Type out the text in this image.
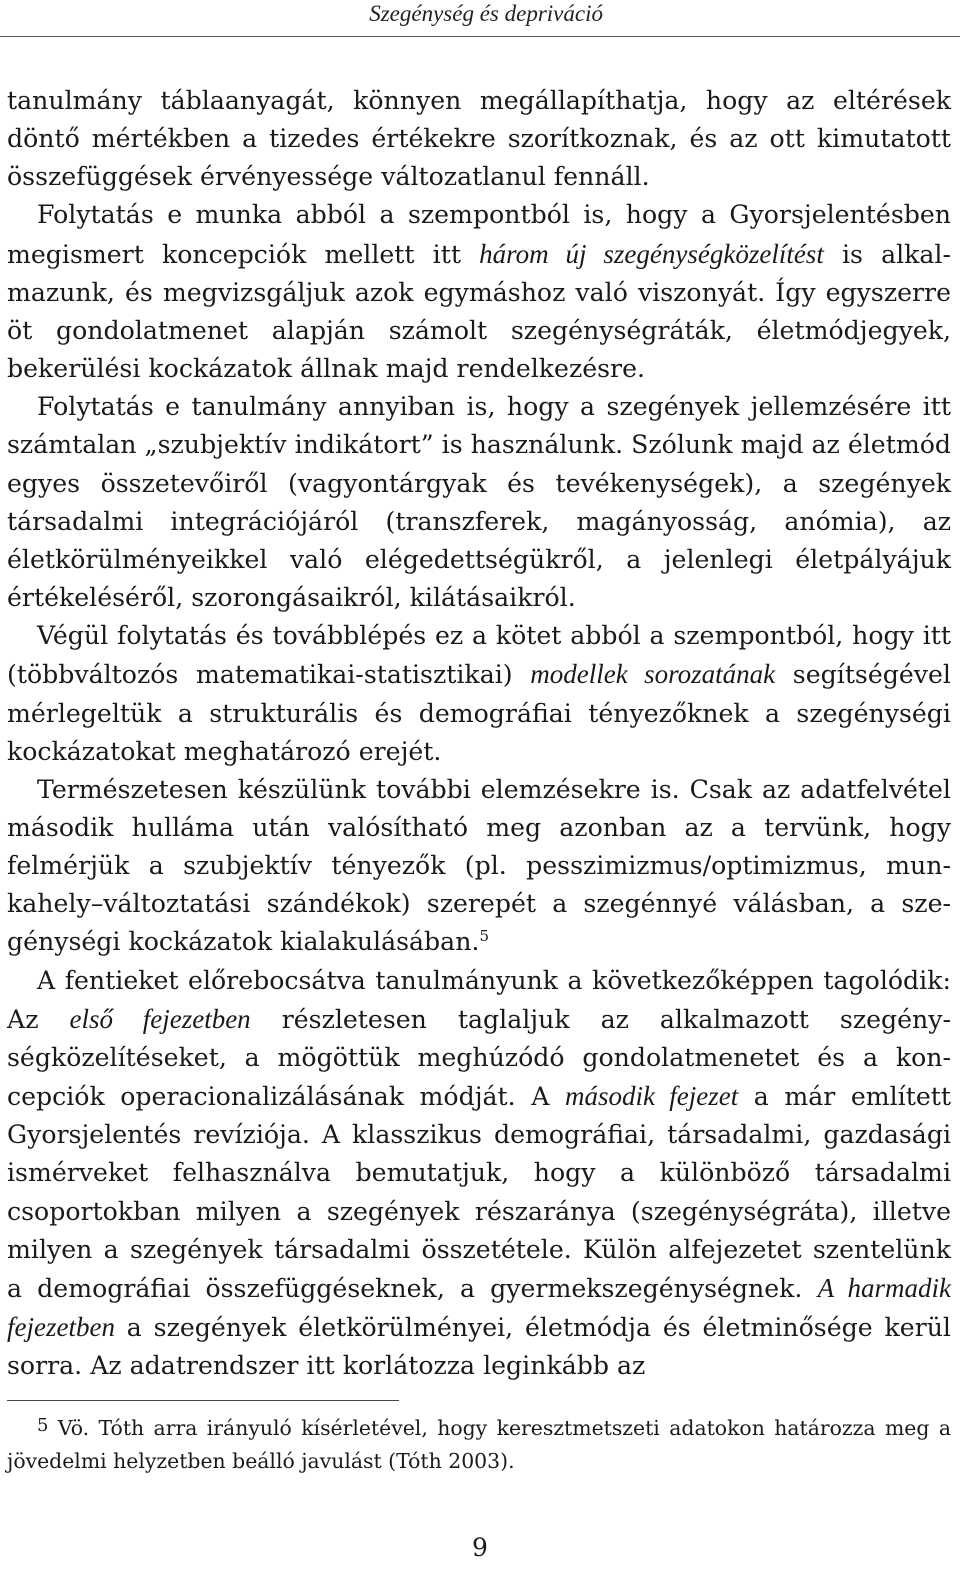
Szegénység és depriváció

tanulmány táblaanyagát, könnyen megállapíthatja, hogy az eltérések döntő mértékben a tizedes értékekre szorítkoznak, és az ott kimutatott összefüggések érvényessége változatlanul fennáll.

Folytatás e munka abból a szempontból is, hogy a Gyorsjelentésben megismert koncepciók mellett itt három új szegénységközelítést is alkalmazunk, és megvizsgáljuk azok egymáshoz való viszonyát. Így egyszerre öt gondolatmenet alapján számolt szegénységráták, életmódjegyek, bekerülési kockázatok állnak majd rendelkezésre.

Folytatás e tanulmány annyiban is, hogy a szegények jellemzésére itt számtalan „szubjektív indikátort” is használunk. Szólunk majd az életmód egyes összetevőiről (vagyontárgyak és tevékenységek), a szegények társadalmi integrációjáról (transzferek, magányosság, anómia), az életkörülményeikkel való elégedettségükről, a jelenlegi életpályájuk értékeléséről, szorongásaikról, kilátásaikról.

Végül folytatás és továbblépés ez a kötet abból a szempontból, hogy itt (többváltozós matematikai-statisztikai) modellek sorozatának segítségével mérlegeltük a strukturális és demográfiai tényezőknek a szegénységi kockázatokat meghatározó erejét.

Természetesen készülünk további elemzésekre is. Csak az adatfelvétel második hulláma után valósítható meg azonban az a tervünk, hogy felmérjük a szubjektív tényezők (pl. pesszimizmus/optimizmus, munkahely–változtatási szándékok) szerepét a szegénnyé válásban, a szegénységi kockázatok kialakulásában.$^5$

A fentieket előrebocsátva tanulmányunk a következőképpen tagolódik: Az első fejezetben részletesen taglaljuk az alkalmazott szegénységközelítéseket, a mögöttük meghúzódó gondolatmenetet és a koncepciók operacionalizálásának módját. A második fejezet a már említett Gyorsjelentés revíziója. A klasszikus demográfiai, társadalmi, gazdasági ismérveket felhasználva bemutatjuk, hogy a különböző társadalmi csoportokban milyen a szegények részaránya (szegénységráta), illetve milyen a szegények társadalmi összetétele. Külön alfejezetet szentelünk a demográfiai összefüggéseknek, a gyermekszegénységnek. A harmadik fejezetben a szegények életkörülményei, életmódja és életminősége kerül sorra. Az adatrendszer itt korlátozza leginkább az

$^5$ Vö. Tóth arra irányuló kísérletével, hogy keresztmetszeti adatokon határozza meg a jövedelmi helyzetben beálló javulást (Tóth 2003).
9
